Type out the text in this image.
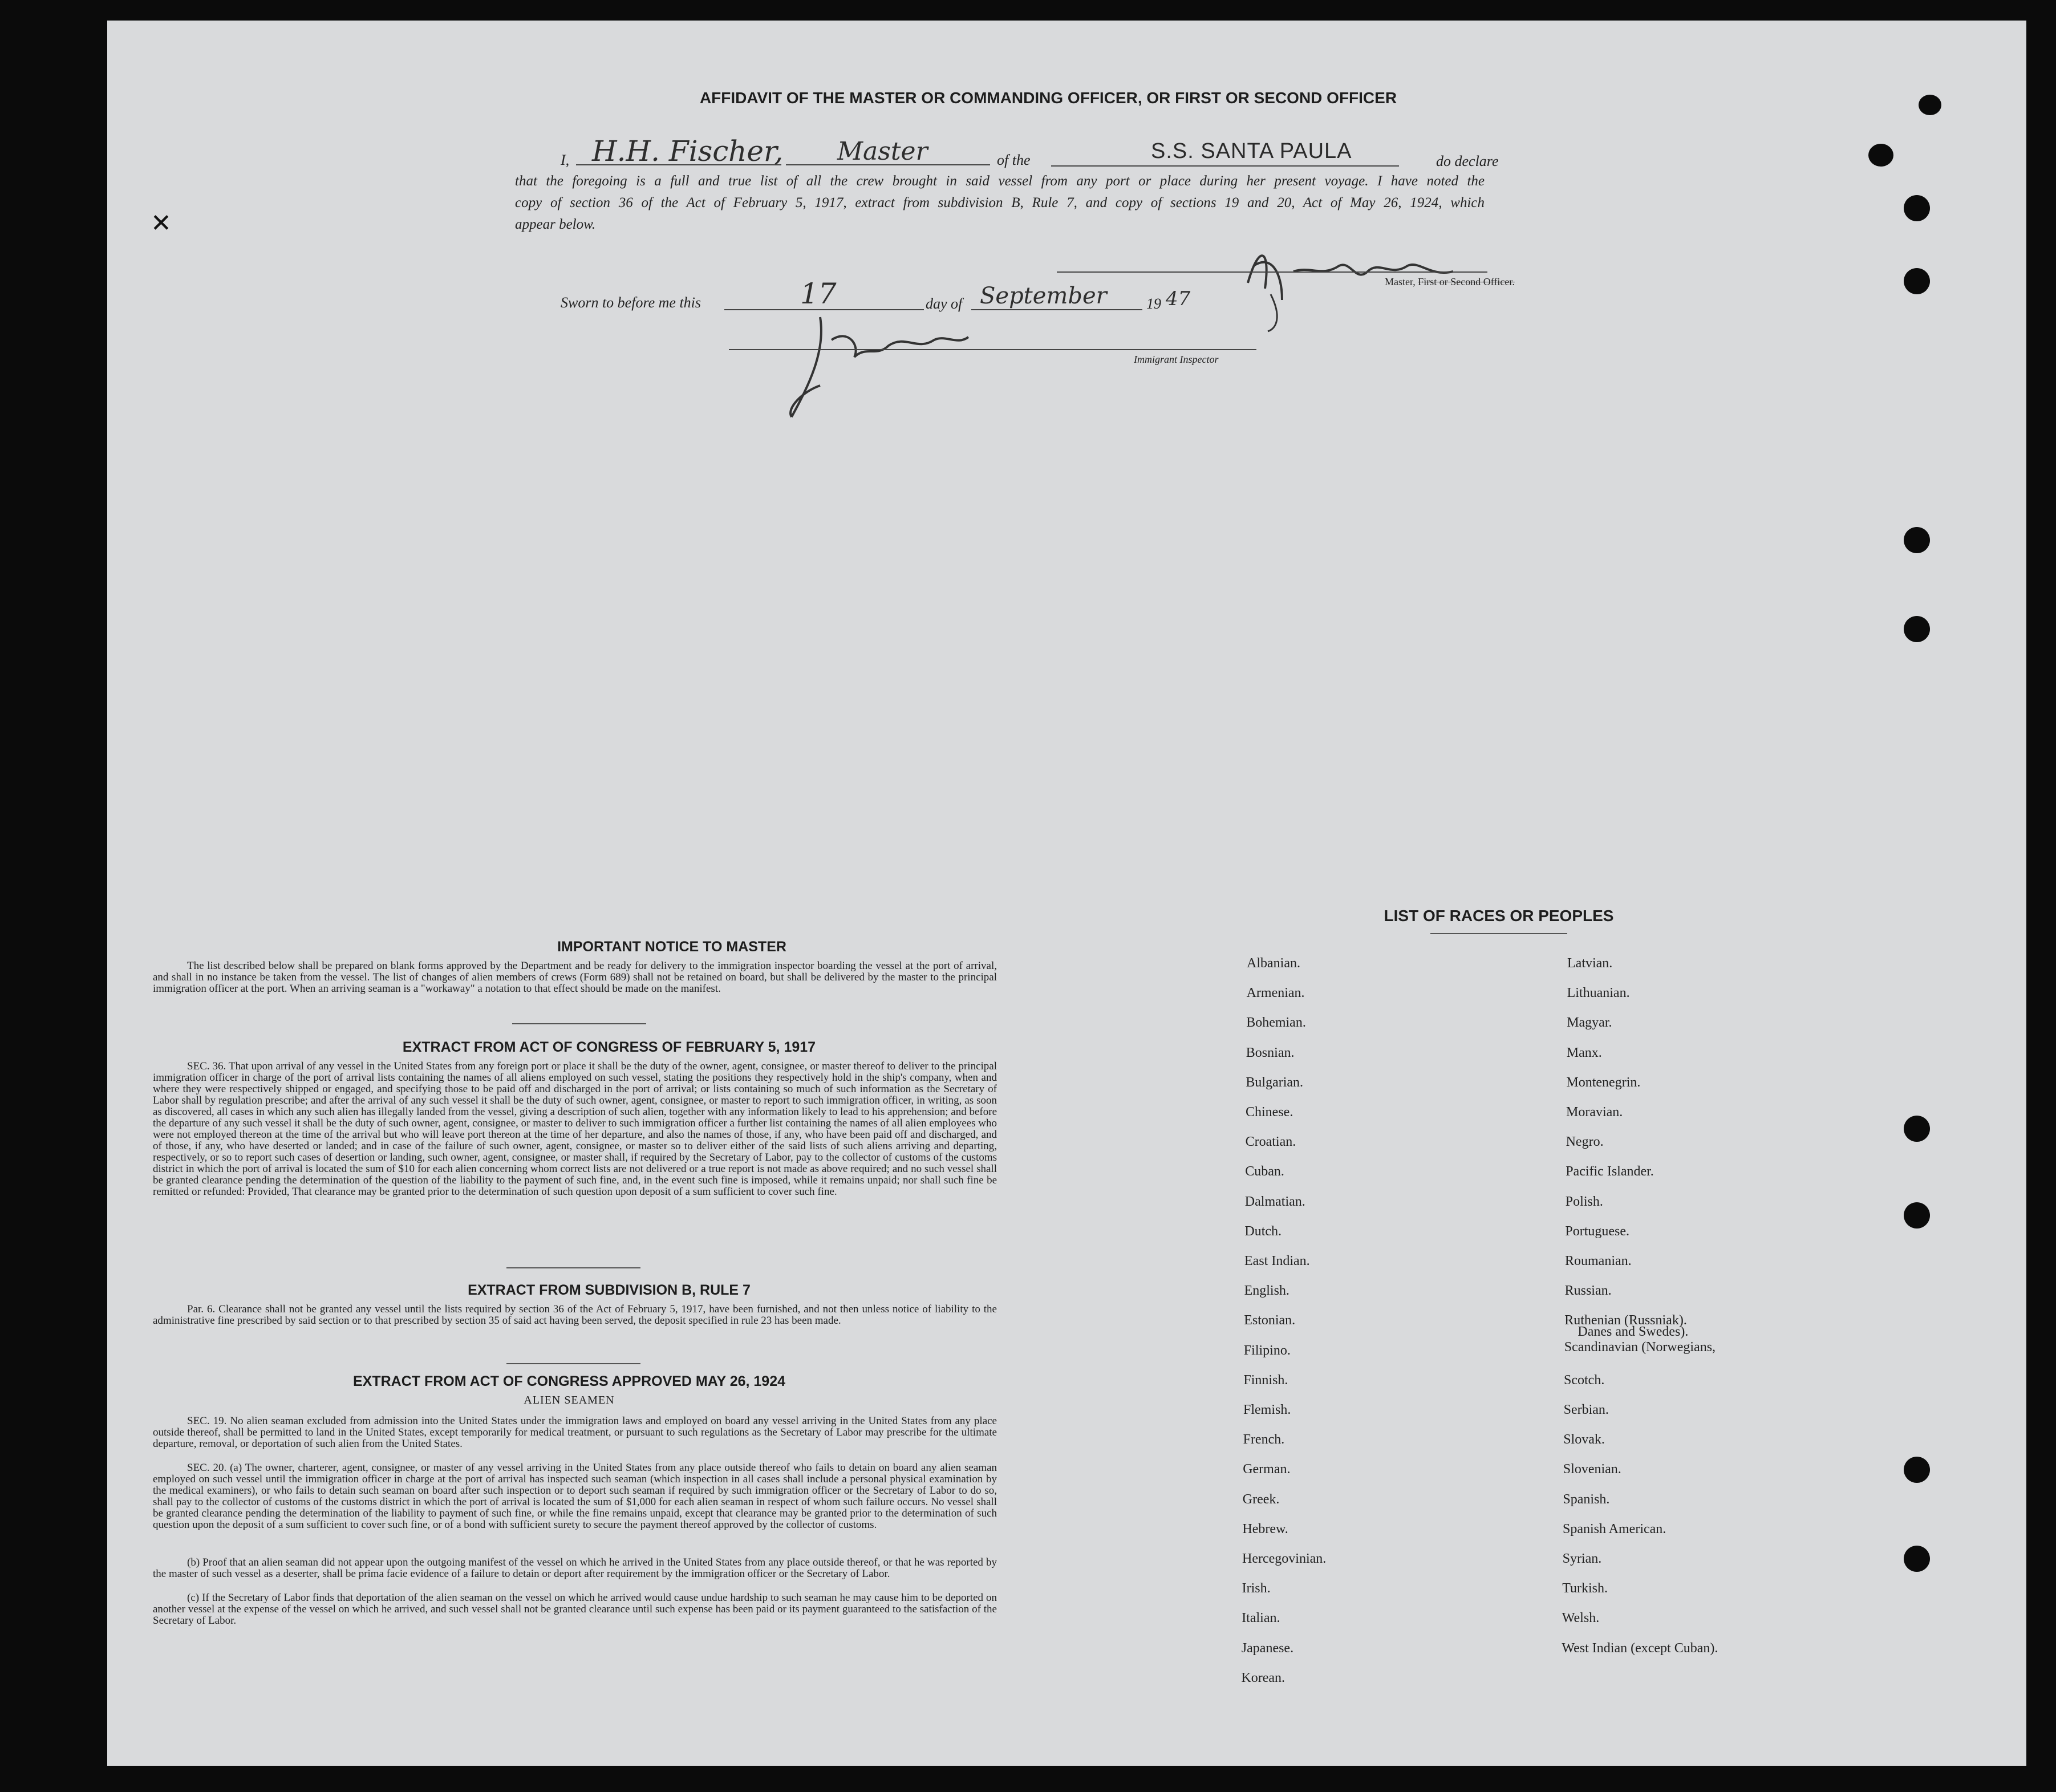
✕
AFFIDAVIT OF THE MASTER OR COMMANDING OFFICER, OR FIRST OR SECOND OFFICER
I, H.H. Fischer, Master	of the	S.S. SANTA PAULA	do declare
that the foregoing is a full and true list of all the crew brought in said vessel from any port or place during her present voyage. I have noted the
copy of section 36 of the Act of February 5, 1917, extract from subdivision B, Rule 7, and copy of sections 19 and 20, Act of May 26, 1924, which
appear below.
Master, First or Second Officer.
Sworn to before me this	17	day of September	19 47
Immigrant Inspector
IMPORTANT NOTICE TO MASTER
The list described below shall be prepared on blank forms approved by the Department and be ready for delivery to the immigration inspector boarding the vessel at the port of arrival, and shall in no instance be taken from the vessel. The list of changes of alien members of crews (Form 689) shall not be retained on board, but shall be delivered by the master to the principal immigration officer at the port. When an arriving seaman is a "workaway" a notation to that effect should be made on the manifest.
EXTRACT FROM ACT OF CONGRESS OF FEBRUARY 5, 1917
SEC. 36. That upon arrival of any vessel in the United States from any foreign port or place it shall be the duty of the owner, agent, consignee, or master thereof to deliver to the principal immigration officer in charge of the port of arrival lists containing the names of all aliens employed on such vessel, stating the positions they respectively hold in the ship's company, when and where they were respectively shipped or engaged, and specifying those to be paid off and discharged in the port of arrival; or lists containing so much of such information as the Secretary of Labor shall by regulation prescribe; and after the arrival of any such vessel it shall be the duty of such owner, agent, consignee, or master to report to such immigration officer, in writing, as soon as discovered, all cases in which any such alien has illegally landed from the vessel, giving a description of such alien, together with any information likely to lead to his apprehension; and before the departure of any such vessel it shall be the duty of such owner, agent, consignee, or master to deliver to such immigration officer a further list containing the names of all alien employees who were not employed thereon at the time of the arrival but who will leave port thereon at the time of her departure, and also the names of those, if any, who have been paid off and discharged, and of those, if any, who have deserted or landed; and in case of the failure of such owner, agent, consignee, or master so to deliver either of the said lists of such aliens arriving and departing, respectively, or so to report such cases of desertion or landing, such owner, agent, consignee, or master shall, if required by the Secretary of Labor, pay to the collector of customs of the customs district in which the port of arrival is located the sum of $10 for each alien concerning whom correct lists are not delivered or a true report is not made as above required; and no such vessel shall be granted clearance pending the determination of the question of the liability to the payment of such fine, and, in the event such fine is imposed, while it remains unpaid; nor shall such fine be remitted or refunded: Provided, That clearance may be granted prior to the determination of such question upon deposit of a sum sufficient to cover such fine.
EXTRACT FROM SUBDIVISION B, RULE 7
Par. 6. Clearance shall not be granted any vessel until the lists required by section 36 of the Act of February 5, 1917, have been furnished, and not then unless notice of liability to the administrative fine prescribed by said section or to that prescribed by section 35 of said act having been served, the deposit specified in rule 23 has been made.
EXTRACT FROM ACT OF CONGRESS APPROVED MAY 26, 1924
ALIEN SEAMEN
SEC. 19. No alien seaman excluded from admission into the United States under the immigration laws and employed on board any vessel arriving in the United States from any place outside thereof, shall be permitted to land in the United States, except temporarily for medical treatment, or pursuant to such regulations as the Secretary of Labor may prescribe for the ultimate departure, removal, or deportation of such alien from the United States.
SEC. 20. (a) The owner, charterer, agent, consignee, or master of any vessel arriving in the United States from any place outside thereof who fails to detain on board any alien seaman employed on such vessel until the immigration officer in charge at the port of arrival has inspected such seaman (which inspection in all cases shall include a personal physical examination by the medical examiners), or who fails to detain such seaman on board after such inspection or to deport such seaman if required by such immigration officer or the Secretary of Labor to do so, shall pay to the collector of customs of the customs district in which the port of arrival is located the sum of $1,000 for each alien seaman in respect of whom such failure occurs. No vessel shall be granted clearance pending the determination of the liability to payment of such fine, or while the fine remains unpaid, except that clearance may be granted prior to the determination of such question upon the deposit of a sum sufficient to cover such fine, or of a bond with sufficient surety to secure the payment thereof approved by the collector of customs.
(b) Proof that an alien seaman did not appear upon the outgoing manifest of the vessel on which he arrived in the United States from any place outside thereof, or that he was reported by the master of such vessel as a deserter, shall be prima facie evidence of a failure to detain or deport after requirement by the immigration officer or the Secretary of Labor.
(c) If the Secretary of Labor finds that deportation of the alien seaman on the vessel on which he arrived would cause undue hardship to such seaman he may cause him to be deported on another vessel at the expense of the vessel on which he arrived, and such vessel shall not be granted clearance until such expense has been paid or its payment guaranteed to the satisfaction of the Secretary of Labor.
LIST OF RACES OR PEOPLES
Albanian.
Armenian.
Bohemian.
Bosnian.
Bulgarian.
Chinese.
Croatian.
Cuban.
Dalmatian.
Dutch.
East Indian.
English.
Estonian.
Filipino.
Finnish.
Flemish.
French.
German.
Greek.
Hebrew.
Hercegovinian.
Irish.
Italian.
Japanese.
Korean.
Latvian.
Lithuanian.
Magyar.
Manx.
Montenegrin.
Moravian.
Negro.
Pacific Islander.
Polish.
Portuguese.
Roumanian.
Russian.
Ruthenian (Russniak).
Scandinavian (Norwegians,
Danes and Swedes).
Scotch.
Serbian.
Slovak.
Slovenian.
Spanish.
Spanish American.
Syrian.
Turkish.
Welsh.
West Indian (except Cuban).
